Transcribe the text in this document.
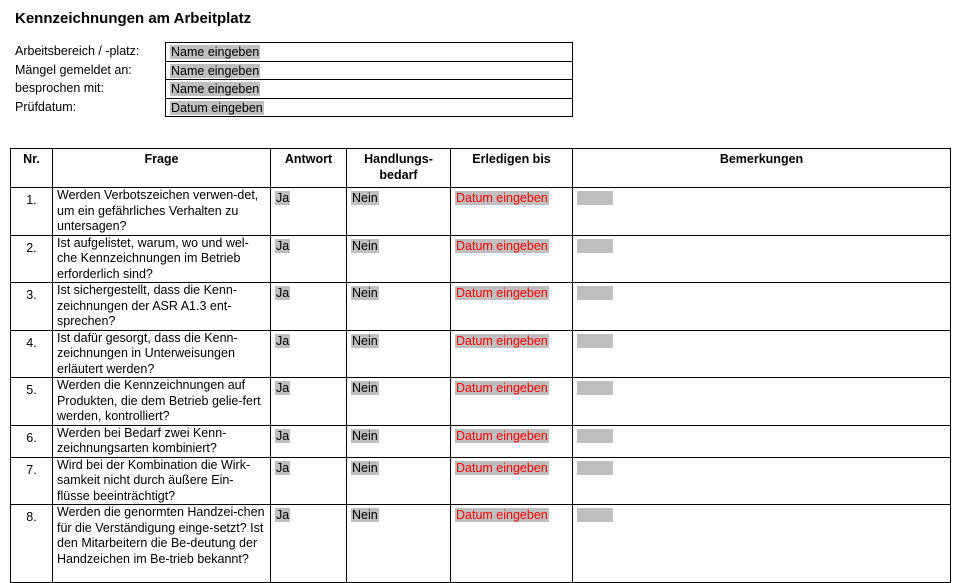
Kennzeichnungen am Arbeitplatz
Arbeitsbereich / -platz:	Name eingeben
Mängel gemeldet an:	Name eingeben
besprochen mit:	Name eingeben
Prüfdatum:	Datum eingeben
Nr.	Frage	Antwort	Handlungs-bedarf	Erledigen bis	Bemerkungen
1.	Werden Verbotszeichen verwen-det, um ein gefährliches Verhalten zu untersagen?	Ja	Nein	Datum eingeben	
2.	Ist aufgelistet, warum, wo und wel-che Kennzeichnungen im Betrieb erforderlich sind?	Ja	Nein	Datum eingeben	
3.	Ist sichergestellt, dass die Kenn-zeichnungen der ASR A1.3 ent-sprechen?	Ja	Nein	Datum eingeben	
4.	Ist dafür gesorgt, dass die Kenn-zeichnungen in Unterweisungen erläutert werden?	Ja	Nein	Datum eingeben	
5.	Werden die Kennzeichnungen auf Produkten, die dem Betrieb gelie-fert werden, kontrolliert?	Ja	Nein	Datum eingeben	
6.	Werden bei Bedarf zwei Kenn-zeichnungsarten kombiniert?	Ja	Nein	Datum eingeben	
7.	Wird bei der Kombination die Wirk-samkeit nicht durch äußere Ein-flüsse beeinträchtigt?	Ja	Nein	Datum eingeben	
8.	Werden die genormten Handzei-chen für die Verständigung einge-setzt? Ist den Mitarbeitern die Be-deutung der Handzeichen im Be-trieb bekannt?	Ja	Nein	Datum eingeben	
